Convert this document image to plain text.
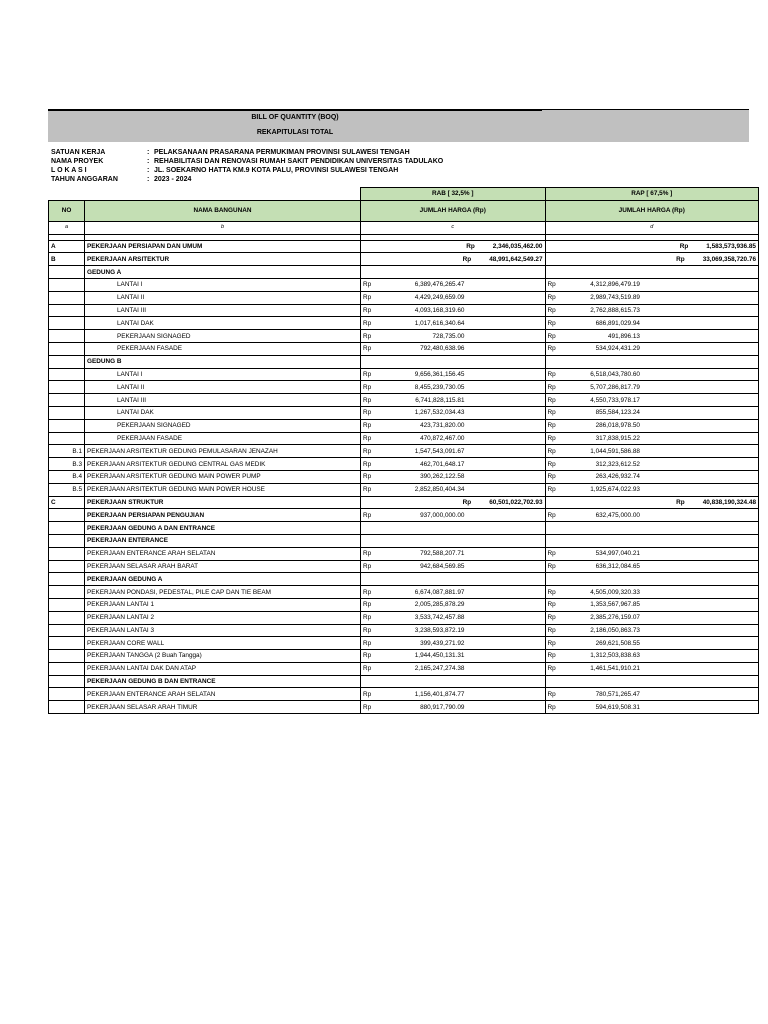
BILL OF QUANTITY (BOQ)
REKAPITULASI TOTAL
SATUAN KERJA	: PELAKSANAAN PRASARANA PERMUKIMAN PROVINSI SULAWESI TENGAH
NAMA PROYEK	: REHABILITASI DAN RENOVASI RUMAH SAKIT PENDIDIKAN UNIVERSITAS TADULAKO
L O K A S I	: JL. SOEKARNO HATTA KM.9 KOTA PALU, PROVINSI SULAWESI TENGAH
TAHUN ANGGARAN	: 2023 - 2024
		RAB [ 32,5% ]		RAP [ 67,5% ]	
NO	NAMA BANGUNAN	JUMLAH HARGA (Rp)		JUMLAH HARGA (Rp)	
a	b	c		d	

A	PEKERJAAN PERSIAPAN DAN UMUM		Rp 2,346,035,462.00		Rp 1,583,573,936.85
B	PEKERJAAN ARSITEKTUR		Rp 48,991,642,549.27		Rp 33,069,358,720.76
	GEDUNG A				
	LANTAI I	Rp	6,389,476,265.47	Rp	4,312,896,479.19
	LANTAI II	Rp	4,429,249,659.09	Rp	2,989,743,519.89
	LANTAI III	Rp	4,093,168,319.60	Rp	2,762,888,615.73
	LANTAI DAK	Rp	1,017,616,340.64	Rp	686,891,029.94
	PEKERJAAN SIGNAGED	Rp	728,735.00	Rp	491,896.13
	PEKERJAAN FASADE	Rp	792,480,638.96	Rp	534,924,431.29
	GEDUNG B				
	LANTAI I	Rp	9,656,361,156.45	Rp	6,518,043,780.60
	LANTAI II	Rp	8,455,239,730.05	Rp	5,707,286,817.79
	LANTAI III	Rp	6,741,828,115.81	Rp	4,550,733,978.17
	LANTAI DAK	Rp	1,267,532,034.43	Rp	855,584,123.24
	PEKERJAAN SIGNAGED	Rp	423,731,820.00	Rp	286,018,978.50
	PEKERJAAN FASADE	Rp	470,872,467.00	Rp	317,838,915.22
B.1	PEKERJAAN ARSITEKTUR GEDUNG PEMULASARAN JENAZAH	Rp	1,547,543,091.67	Rp	1,044,591,586.88
B.3	PEKERJAAN ARSITEKTUR GEDUNG CENTRAL GAS MEDIK	Rp	462,701,648.17	Rp	312,323,612.52
B.4	PEKERJAAN ARSITEKTUR GEDUNG MAIN POWER PUMP	Rp	390,262,122.58	Rp	263,426,932.74
B.5	PEKERJAAN ARSITEKTUR GEDUNG MAIN POWER HOUSE	Rp	2,852,850,404.34	Rp	1,925,674,022.93
C	PEKERJAAN STRUKTUR		Rp 60,501,022,702.93		Rp 40,838,190,324.48
	PEKERJAAN PERSIAPAN PENGUJIAN	Rp	937,000,000.00	Rp	632,475,000.00
	PEKERJAAN GEDUNG A DAN ENTRANCE				
	PEKERJAAN ENTERANCE				
	PEKERJAAN ENTERANCE ARAH SELATAN	Rp	792,588,207.71	Rp	534,997,040.21
	PEKERJAAN SELASAR ARAH BARAT	Rp	942,684,569.85	Rp	636,312,084.65
	PEKERJAAN GEDUNG A				
	PEKERJAAN PONDASI, PEDESTAL, PILE CAP DAN TIE BEAM	Rp	6,674,087,881.97	Rp	4,505,009,320.33
	PEKERJAAN LANTAI 1	Rp	2,005,285,878.29	Rp	1,353,567,967.85
	PEKERJAAN LANTAI 2	Rp	3,533,742,457.88	Rp	2,385,276,159.07
	PEKERJAAN LANTAI 3	Rp	3,238,593,872.19	Rp	2,186,050,863.73
	PEKERJAAN CORE WALL	Rp	399,439,271.92	Rp	269,621,508.55
	PEKERJAAN TANGGA (2 Buah Tangga)	Rp	1,944,450,131.31	Rp	1,312,503,838.63
	PEKERJAAN LANTAI DAK DAN ATAP	Rp	2,165,247,274.38	Rp	1,461,541,910.21
	PEKERJAAN GEDUNG B DAN ENTRANCE				
	PEKERJAAN ENTERANCE ARAH SELATAN	Rp	1,156,401,874.77	Rp	780,571,265.47
	PEKERJAAN SELASAR ARAH TIMUR	Rp	880,917,790.09	Rp	594,619,508.31
